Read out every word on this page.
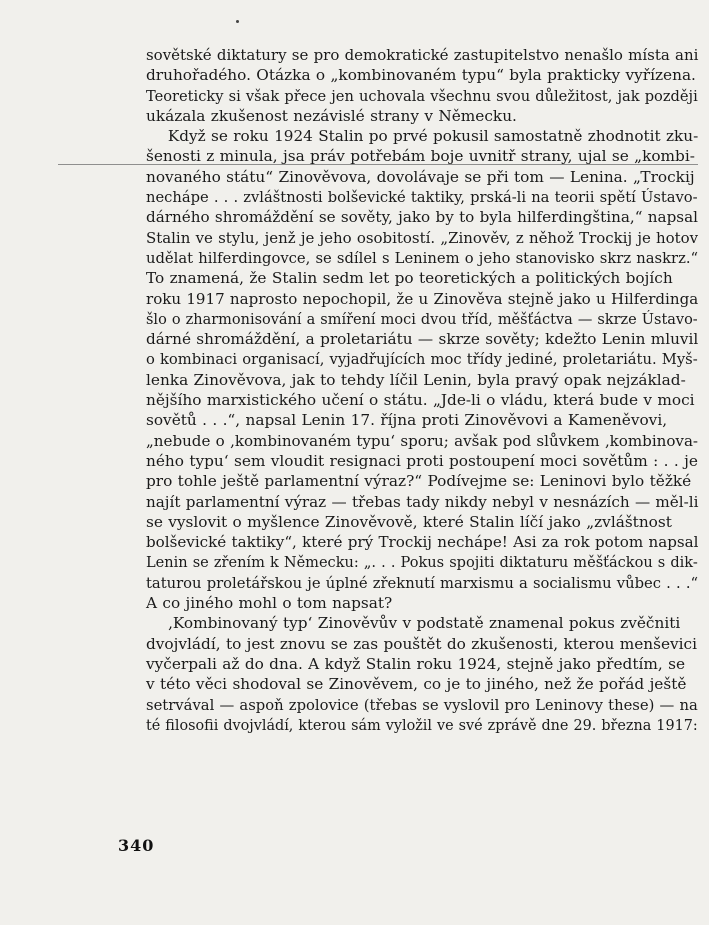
sovětské diktatury se pro demokratické zastupitelstvo nenašlo místa ani
druhořadého. Otázka o „kombinovaném typu“ byla prakticky vyřízena.
Teoreticky si však přece jen uchovala všechnu svou důležitost, jak později
ukázala zkušenost nezávislé strany v Německu.
Když se roku 1924 Stalin po prvé pokusil samostatně zhodnotit zku-
šenosti z minula, jsa práv potřebám boje uvnitř strany, ujal se „kombi-
novaného státu“ Zinověvova, dovolávaje se při tom — Lenina. „Trockij
nechápe . . . zvláštnosti bolševické taktiky, prská-li na teorii spětí Ústavo-
dárného shromáždění se sověty, jako by to byla hilferdingština,“ napsal
Stalin ve stylu, jenž je jeho osobitostí. „Zinověv, z něhož Trockij je hotov
udělat hilferdingovce, se sdílel s Leninem o jeho stanovisko skrz naskrz.“
To znamená, že Stalin sedm let po teoretických a politických bojích
roku 1917 naprosto nepochopil, že u Zinověva stejně jako u Hilferdinga
šlo o zharmonisování a smíření moci dvou tříd, měšťáctva — skrze Ústavo-
dárné shromáždění, a proletariátu — skrze sověty; kdežto Lenin mluvil
o kombinaci organisací, vyjadřujících moc třídy jediné, proletariátu. Myš-
lenka Zinověvova, jak to tehdy líčil Lenin, byla pravý opak nejzáklad-
nějšího marxistického učení o státu. „Jde-li o vládu, která bude v moci
sovětů . . .“, napsal Lenin 17. října proti Zinověvovi a Kameněvovi,
„nebude o ‚kombinovaném typu‘ sporu; avšak pod slůvkem ‚kombinova-
ného typu‘ sem vloudit resignaci proti postoupení moci sovětům : . . je
pro tohle ještě parlamentní výraz?“ Podívejme se: Leninovi bylo těžké
najít parlamentní výraz — třebas tady nikdy nebyl v nesnázích — měl-li
se vyslovit o myšlence Zinověvově, které Stalin líčí jako „zvláštnost
bolševické taktiky“, které prý Trockij nechápe! Asi za rok potom napsal
Lenin se zřením k Německu: „. . . Pokus spojiti diktaturu měšťáckou s dik-
taturou proletářskou je úplné zřeknutí marxismu a socialismu vůbec . . .“
A co jiného mohl o tom napsat?
‚Kombinovaný typ‘ Zinověvův v podstatě znamenal pokus zvěčniti
dvojvládí, to jest znovu se zas pouštět do zkušenosti, kterou menševici
vyčerpali až do dna. A když Stalin roku 1924, stejně jako předtím, se
v této věci shodoval se Zinověvem, co je to jiného, než že pořád ještě
setrvával — aspoň zpolovice (třebas se vyslovil pro Leninovy these) — na
té filosofii dvojvládí, kterou sám vyložil ve své zprávě dne 29. března 1917:
340
